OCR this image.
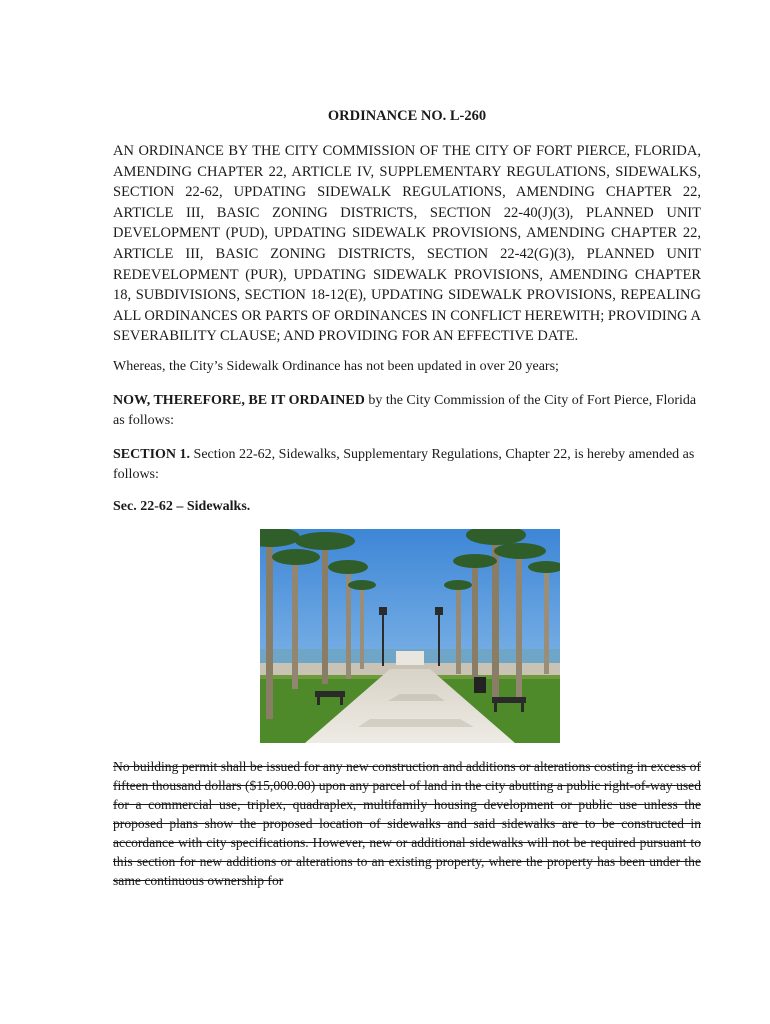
ORDINANCE NO. L-260

AN ORDINANCE BY THE CITY COMMISSION OF THE CITY OF FORT PIERCE, FLORIDA, AMENDING CHAPTER 22, ARTICLE IV, SUPPLEMENTARY REGULATIONS, SIDEWALKS, SECTION 22-62, UPDATING SIDEWALK REGULATIONS, AMENDING CHAPTER 22, ARTICLE III, BASIC ZONING DISTRICTS, SECTION 22-40(J)(3), PLANNED UNIT DEVELOPMENT (PUD), UPDATING SIDEWALK PROVISIONS, AMENDING CHAPTER 22, ARTICLE III, BASIC ZONING DISTRICTS, SECTION 22-42(G)(3), PLANNED UNIT REDEVELOPMENT (PUR), UPDATING SIDEWALK PROVISIONS, AMENDING CHAPTER 18, SUBDIVISIONS, SECTION 18-12(E), UPDATING SIDEWALK PROVISIONS, REPEALING ALL ORDINANCES OR PARTS OF ORDINANCES IN CONFLICT HEREWITH; PROVIDING A SEVERABILITY CLAUSE; AND PROVIDING FOR AN EFFECTIVE DATE.

Whereas, the City’s Sidewalk Ordinance has not been updated in over 20 years;

NOW, THEREFORE, BE IT ORDAINED by the City Commission of the City of Fort Pierce, Florida as follows:

SECTION 1. Section 22-62, Sidewalks, Supplementary Regulations, Chapter 22, is hereby amended as follows:

Sec. 22-62 – Sidewalks.

No building permit shall be issued for any new construction and additions or alterations costing in excess of fifteen thousand dollars ($15,000.00) upon any parcel of land in the city abutting a public right-of-way used for a commercial use, triplex, quadraplex, multifamily housing development or public use unless the proposed plans show the proposed location of sidewalks and said sidewalks are to be constructed in accordance with city specifications. However, new or additional sidewalks will not be required pursuant to this section for new additions or alterations to an existing property, where the property has been under the same continuous ownership for
